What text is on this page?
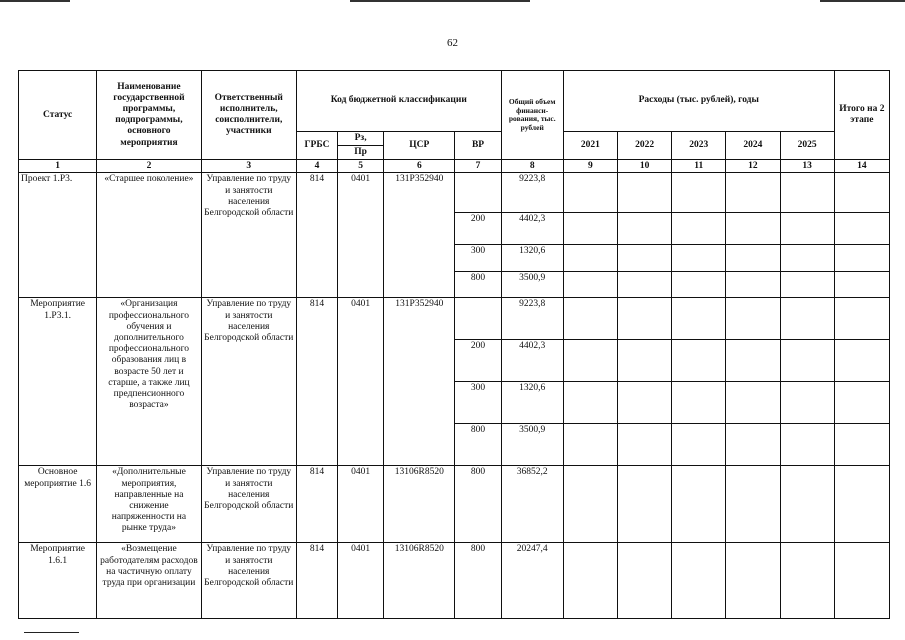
62
Статус	Наименование государственной программы, подпрограммы, основного мероприятия	Ответственный исполнитель, соисполнители, участники	Код бюджетной классификации				Общий объем финанси-рования, тыс. рублей	Расходы (тыс. рублей), годы					Итого на 2 этапе
			ГРБС	Рз,	ЦСР	ВР		2021	2022	2023	2024	2025	
				Пр									
1	2	3	4	5	6	7	8	9	10	11	12	13	14
Проект 1.Р3.	«Старшее поколение»	Управление по труду и занятости населения Белгородской области	814	0401	131Р352940		9223,8						
						200	4402,3						
						300	1320,6						
						800	3500,9						
Мероприятие 1.Р3.1.	«Организация профессионального обучения и дополнительного профессионального образования лиц в возрасте 50 лет и старше, а также лиц предпенсионного возраста»	Управление по труду и занятости населения Белгородской области	814	0401	131Р352940		9223,8						
						200	4402,3						
						300	1320,6						
						800	3500,9						
Основное мероприятие 1.6	«Дополнительные мероприятия, направленные на снижение напряженности на рынке труда»	Управление по труду и занятости населения Белгородской области	814	0401	13106R8520	800	36852,2						
Мероприятие 1.6.1	«Возмещение работодателям расходов на частичную оплату труда при организации	Управление по труду и занятости населения Белгородской области	814	0401	13106R8520	800	20247,4						
